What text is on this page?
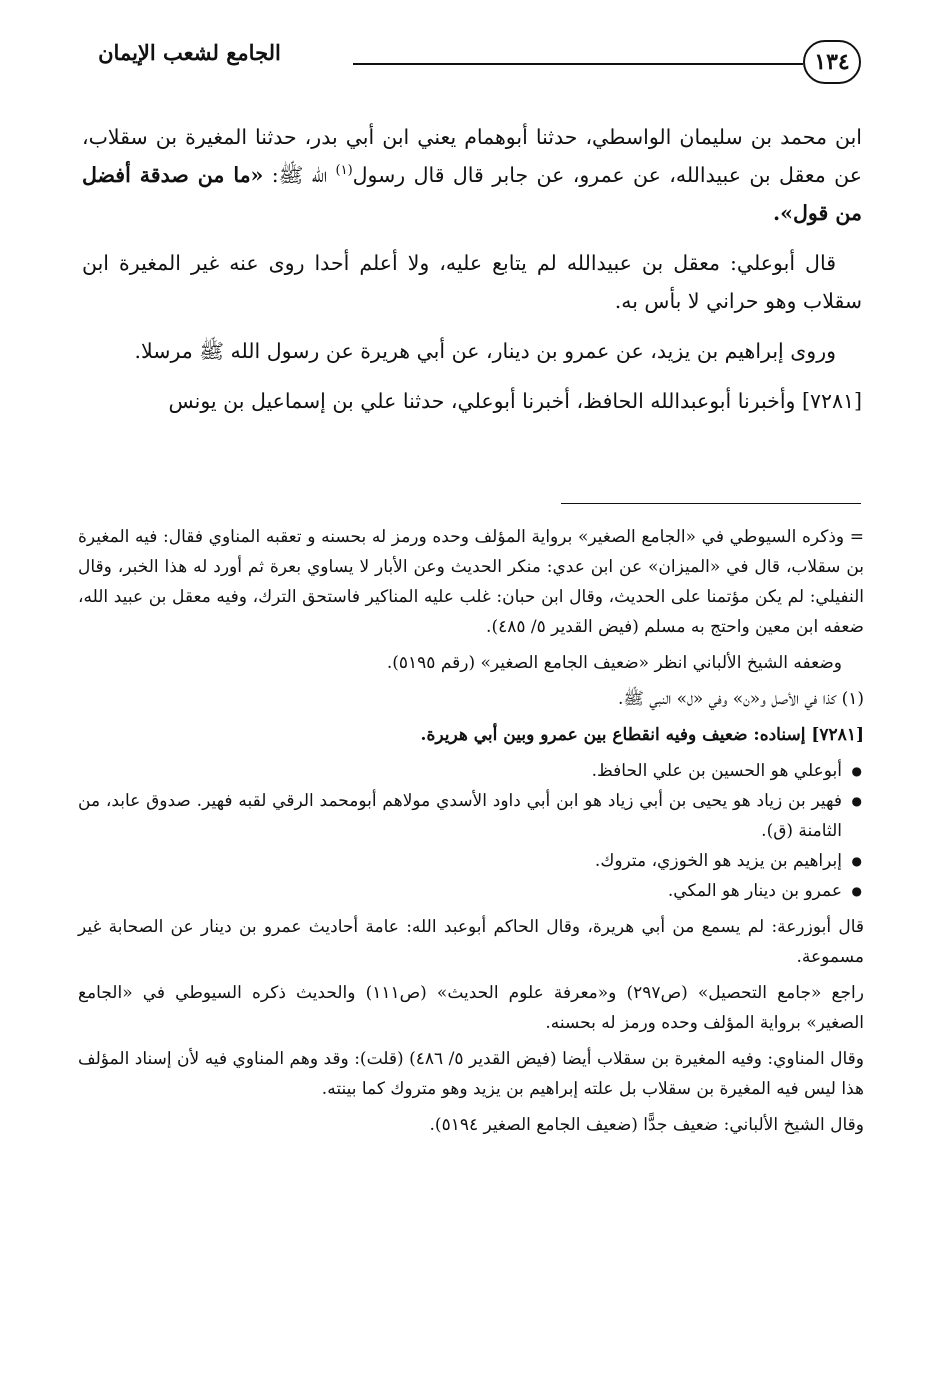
١٣٤
الجامع لشعب الإيمان

ابن محمد بن سليمان الواسطي، حدثنا أبوهمام يعني ابن أبي بدر، حدثنا المغيرة بن سقلاب، عن معقل بن عبيدالله، عن عمرو، عن جابر قال قال رسول$^{(١)}$ الله ﷺ: «ما من صدقة أفضل من قول».

قال أبوعلي: معقل بن عبيدالله لم يتابع عليه، ولا أعلم أحدا روى عنه غير المغيرة ابن سقلاب وهو حراني لا بأس به.

وروى إبراهيم بن يزيد، عن عمرو بن دينار، عن أبي هريرة عن رسول الله ﷺ مرسلا.

[٧٢٨١] وأخبرنا أبوعبدالله الحافظ، أخبرنا أبوعلي، حدثنا علي بن إسماعيل بن يونس

= وذكره السيوطي في «الجامع الصغير» برواية المؤلف وحده ورمز له بحسنه و تعقبه المناوي فقال: فيه المغيرة بن سقلاب، قال في «الميزان» عن ابن عدي: منكر الحديث وعن الأبار لا يساوي بعرة ثم أورد له هذا الخبر، وقال النفيلي: لم يكن مؤتمنا على الحديث، وقال ابن حبان: غلب عليه المناكير فاستحق الترك، وفيه معقل بن عبيد الله، ضعفه ابن معين واحتج به مسلم (فيض القدير ٥/ ٤٨٥).

وضعفه الشيخ الألباني انظر «ضعيف الجامع الصغير» (رقم ٥١٩٥).

(١) كذا في الأصل و«ن» وفي «ل» النبي ﷺ.

[٧٢٨١] إسناده: ضعيف وفيه انقطاع بين عمرو وبين أبي هريرة.

● أبوعلي هو الحسين بن علي الحافظ.
● فهير بن زياد هو يحيى بن أبي زياد هو ابن أبي داود الأسدي مولاهم أبومحمد الرقي لقبه فهير. صدوق عابد، من الثامنة (ق).
● إبراهيم بن يزيد هو الخوزي، متروك.
● عمرو بن دينار هو المكي.

قال أبوزرعة: لم يسمع من أبي هريرة، وقال الحاكم أبوعبد الله: عامة أحاديث عمرو بن دينار عن الصحابة غير مسموعة.

راجع «جامع التحصيل» (ص٢٩٧) و«معرفة علوم الحديث» (ص١١١) والحديث ذكره السيوطي في «الجامع الصغير» برواية المؤلف وحده ورمز له بحسنه.

وقال المناوي: وفيه المغيرة بن سقلاب أيضا (فيض القدير ٥/ ٤٨٦) (قلت): وقد وهم المناوي فيه لأن إسناد المؤلف هذا ليس فيه المغيرة بن سقلاب بل علته إبراهيم بن يزيد وهو متروك كما بينته.

وقال الشيخ الألباني: ضعيف جدًّا (ضعيف الجامع الصغير ٥١٩٤).
